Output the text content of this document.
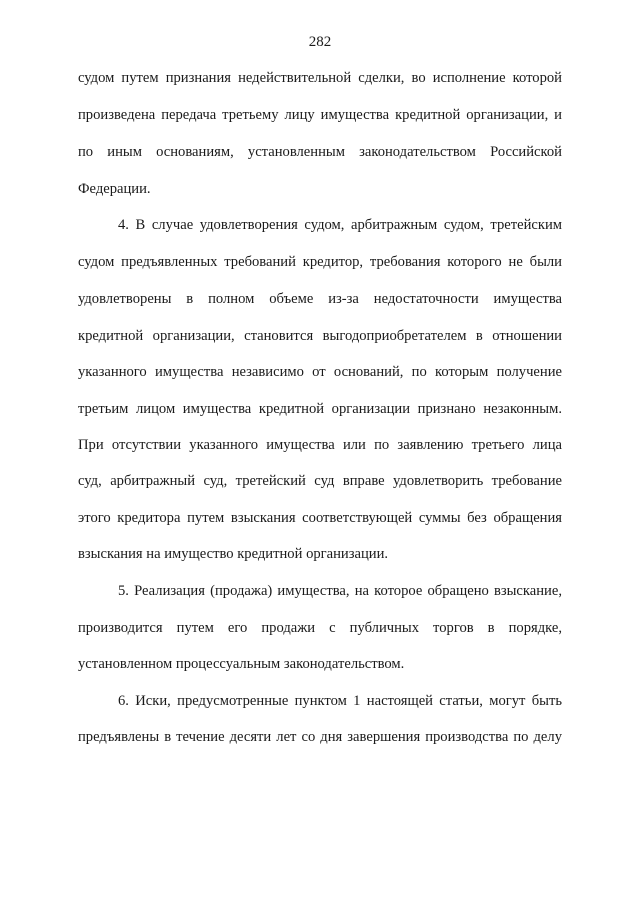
282
судом путем признания недействительной сделки, во исполнение которой
произведена передача третьему лицу имущества кредитной организации, и
по иным основаниям, установленным законодательством Российской
Федерации.
4. В случае удовлетворения судом, арбитражным судом, третейским
судом предъявленных требований кредитор, требования которого не были
удовлетворены в полном объеме из-за недостаточности имущества
кредитной организации, становится выгодоприобретателем в отношении
указанного имущества независимо от оснований, по которым получение
третьим лицом имущества кредитной организации признано незаконным.
При отсутствии указанного имущества или по заявлению третьего лица
суд, арбитражный суд, третейский суд вправе удовлетворить требование
этого кредитора путем взыскания соответствующей суммы без обращения
взыскания на имущество кредитной организации.
5. Реализация (продажа) имущества, на которое обращено взыскание,
производится путем его продажи с публичных торгов в порядке,
установленном процессуальным законодательством.
6. Иски, предусмотренные пунктом 1 настоящей статьи, могут быть
предъявлены в течение десяти лет со дня завершения производства по делу
